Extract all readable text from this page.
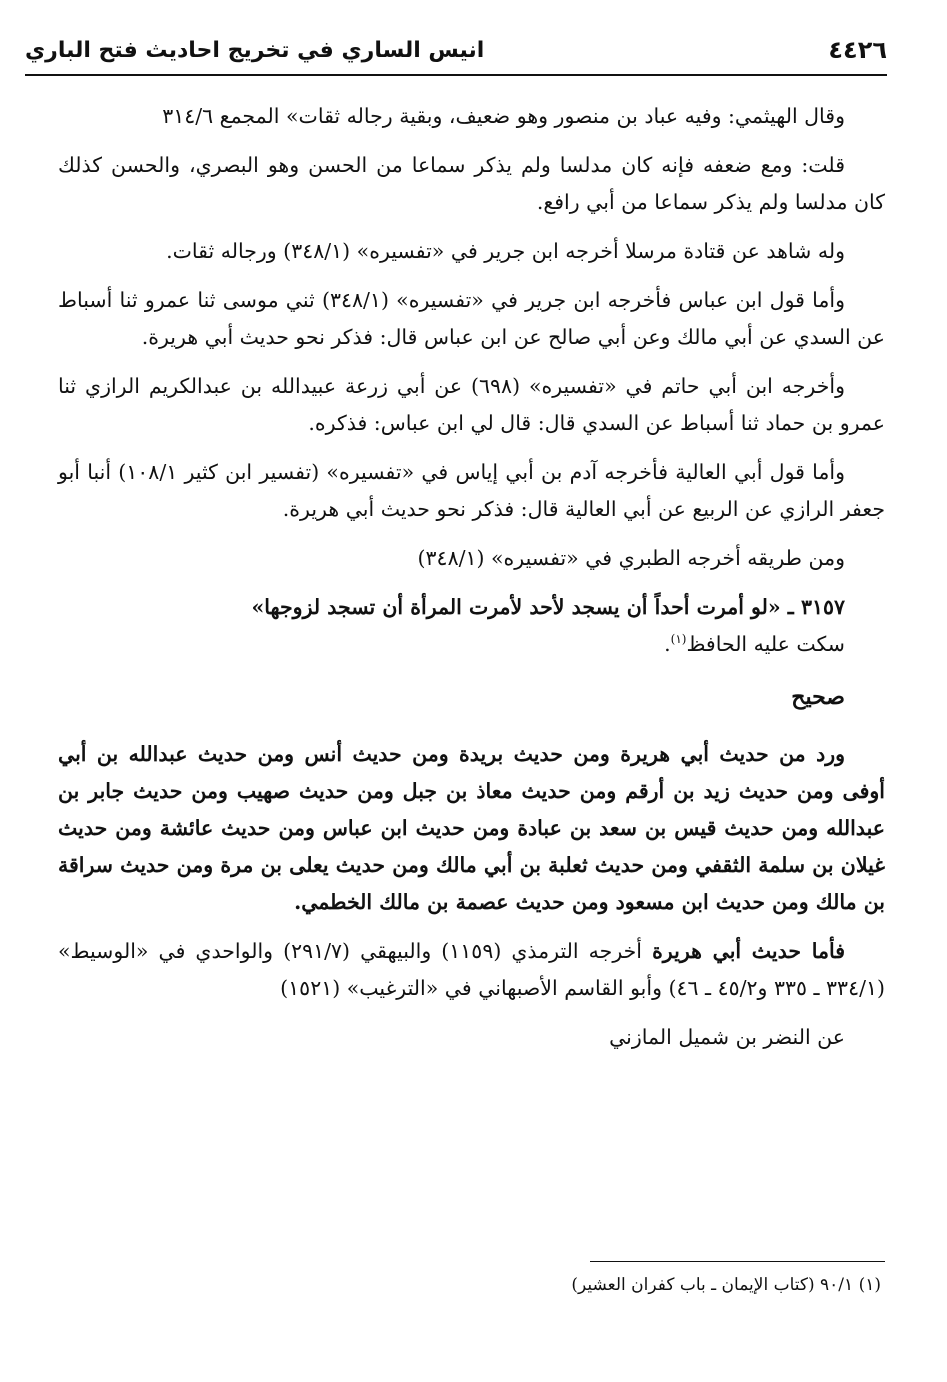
٤٤٢٦
انيس الساري في تخريج احاديث فتح الباري

وقال الهيثمي: وفيه عباد بن منصور وهو ضعيف، وبقية رجاله ثقات» المجمع ٣١٤/٦

قلت: ومع ضعفه فإنه كان مدلسا ولم يذكر سماعا من الحسن وهو البصري، والحسن كذلك كان مدلسا ولم يذكر سماعا من أبي رافع.

وله شاهد عن قتادة مرسلا أخرجه ابن جرير في «تفسيره» (٣٤٨/١) ورجاله ثقات.

وأما قول ابن عباس فأخرجه ابن جرير في «تفسيره» (٣٤٨/١) ثني موسى ثنا عمرو ثنا أسباط عن السدي عن أبي مالك وعن أبي صالح عن ابن عباس قال: فذكر نحو حديث أبي هريرة.

وأخرجه ابن أبي حاتم في «تفسيره» (٦٩٨) عن أبي زرعة عبيدالله بن عبدالكريم الرازي ثنا عمرو بن حماد ثنا أسباط عن السدي قال: قال لي ابن عباس: فذكره.

وأما قول أبي العالية فأخرجه آدم بن أبي إياس في «تفسيره» (تفسير ابن كثير ١٠٨/١) أنبا أبو جعفر الرازي عن الربيع عن أبي العالية قال: فذكر نحو حديث أبي هريرة.

ومن طريقه أخرجه الطبري في «تفسيره» (٣٤٨/١)

٣١٥٧ ـ «لو أمرت أحداً أن يسجد لأحد لأمرت المرأة أن تسجد لزوجها»

سكت عليه الحافظ$^{(١)}$.

صحيح

ورد من حديث أبي هريرة ومن حديث بريدة ومن حديث أنس ومن حديث عبدالله بن أبي أوفى ومن حديث زيد بن أرقم ومن حديث معاذ بن جبل ومن حديث صهيب ومن حديث جابر بن عبدالله ومن حديث قيس بن سعد بن عبادة ومن حديث ابن عباس ومن حديث عائشة ومن حديث غيلان بن سلمة الثقفي ومن حديث ثعلبة بن أبي مالك ومن حديث يعلى بن مرة ومن حديث سراقة بن مالك ومن حديث ابن مسعود ومن حديث عصمة بن مالك الخطمي.

فأما حديث أبي هريرة أخرجه الترمذي (١١٥٩) والبيهقي (٢٩١/٧) والواحدي في «الوسيط» (٣٣٤/١ ـ ٣٣٥ و٤٥/٢ ـ ٤٦) وأبو القاسم الأصبهاني في «الترغيب» (١٥٢١)

عن النضر بن شميل المازني

(١) ٩٠/١ (كتاب الإيمان ـ باب كفران العشير)
